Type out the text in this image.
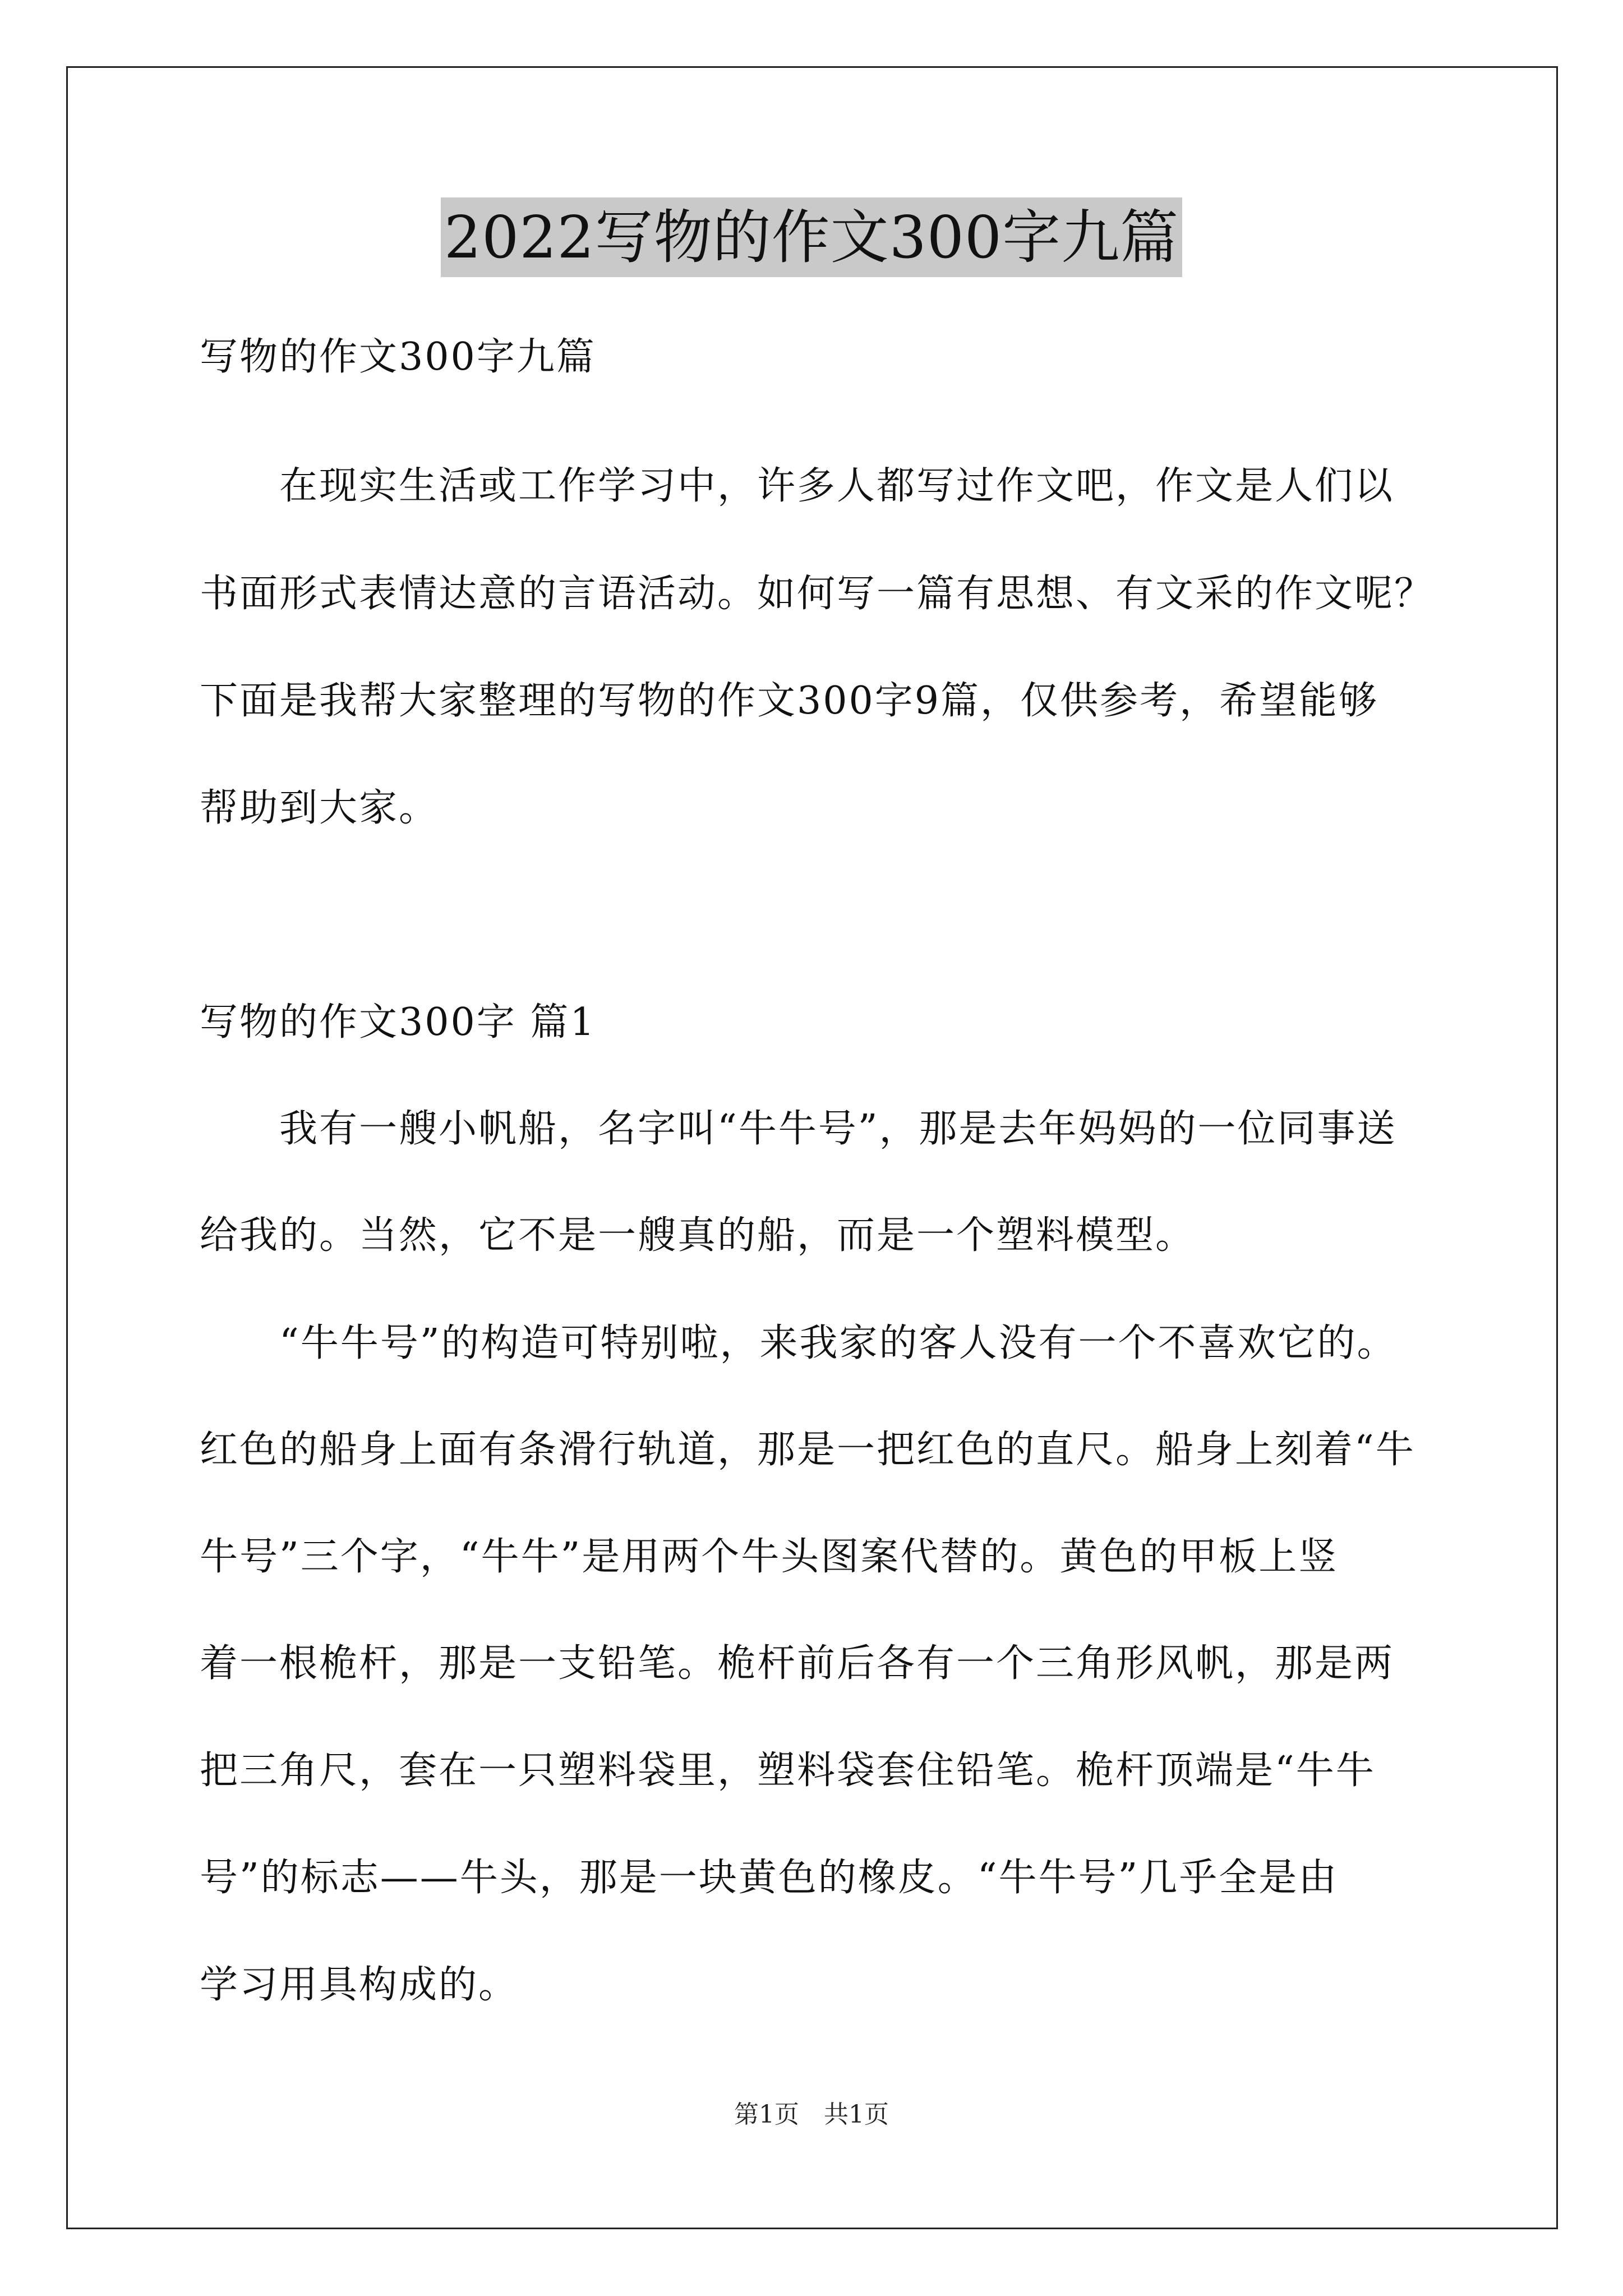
2022写物的作文300字九篇
写物的作文300字九篇
　　在现实生活或工作学习中，许多人都写过作文吧，作文是人们以
书面形式表情达意的言语活动。如何写一篇有思想、有文采的作文呢？
下面是我帮大家整理的写物的作文300字9篇，仅供参考，希望能够
帮助到大家。
写物的作文300字 篇1
　　我有一艘小帆船，名字叫“牛牛号”，那是去年妈妈的一位同事送
给我的。当然，它不是一艘真的船，而是一个塑料模型。
　　“牛牛号”的构造可特别啦，来我家的客人没有一个不喜欢它的。
红色的船身上面有条滑行轨道，那是一把红色的直尺。船身上刻着“牛
牛号”三个字，“牛牛”是用两个牛头图案代替的。黄色的甲板上竖
着一根桅杆，那是一支铅笔。桅杆前后各有一个三角形风帆，那是两
把三角尺，套在一只塑料袋里，塑料袋套住铅笔。桅杆顶端是“牛牛
号”的标志——牛头，那是一块黄色的橡皮。“牛牛号”几乎全是由
学习用具构成的。
第1页　共1页
